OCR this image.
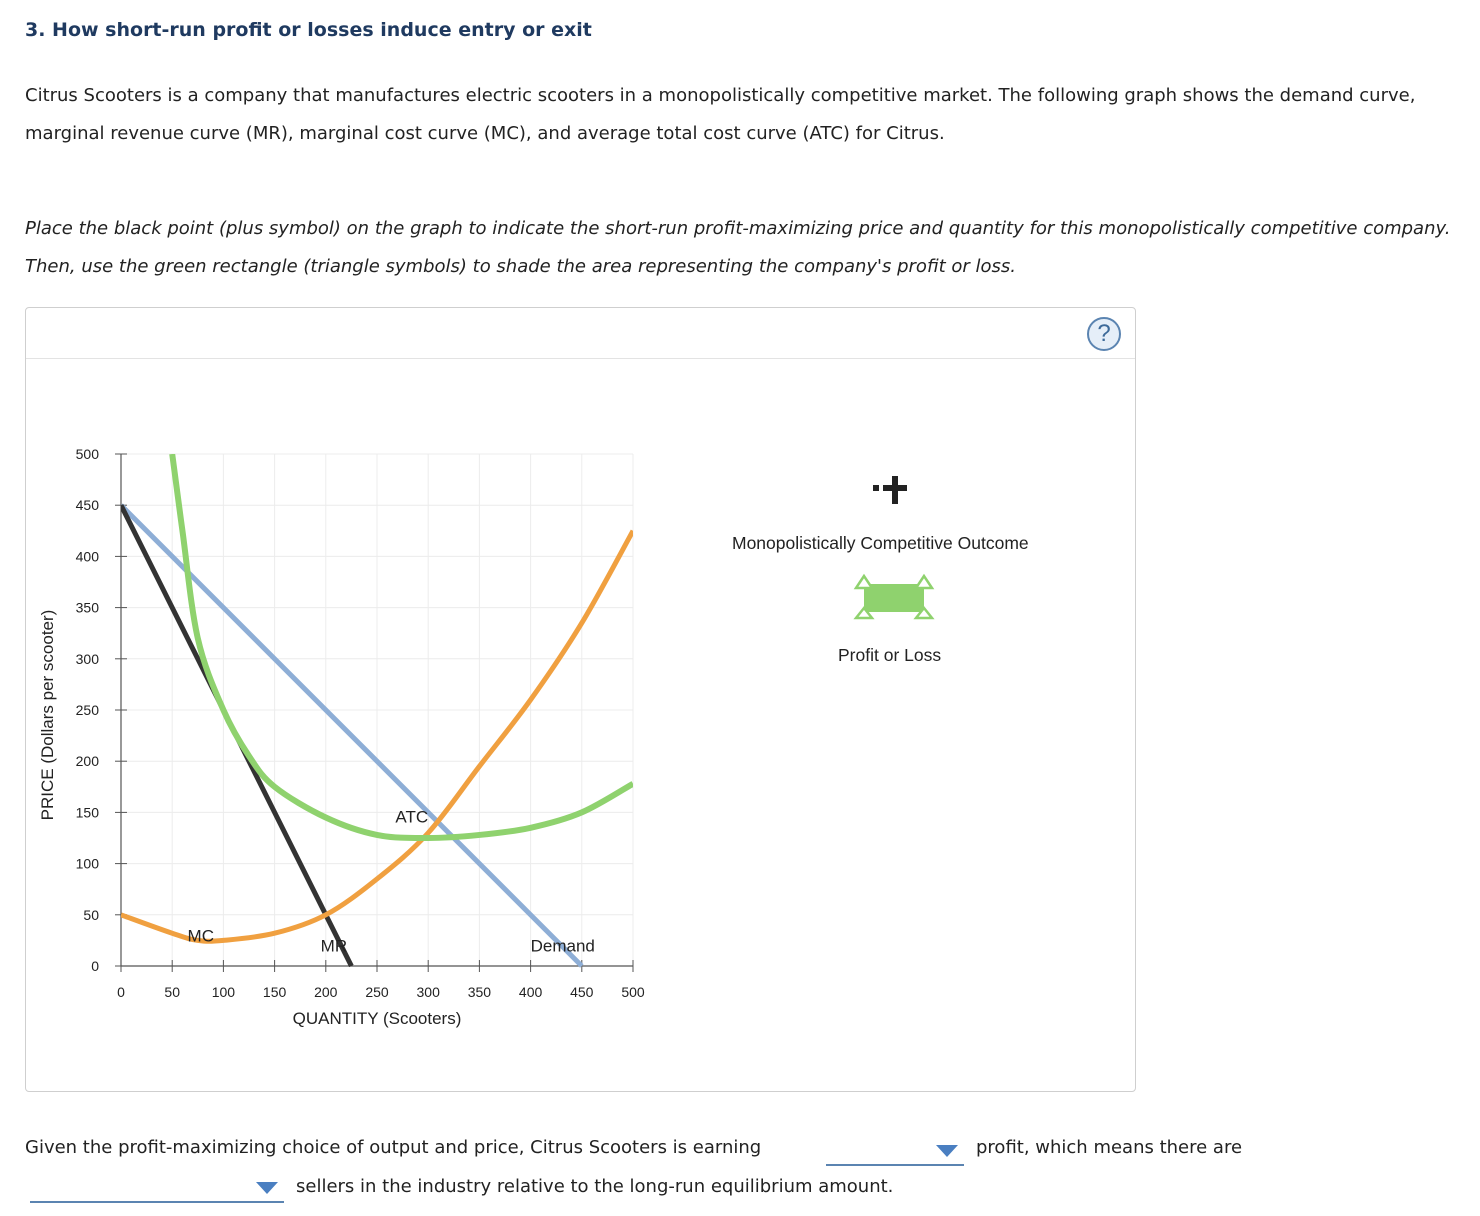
3. How short-run profit or losses induce entry or exit

Citrus Scooters is a company that manufactures electric scooters in a monopolistically competitive market. The following graph shows the demand curve, marginal revenue curve (MR), marginal cost curve (MC), and average total cost curve (ATC) for Citrus.

Place the black point (plus symbol) on the graph to indicate the short-run profit-maximizing price and quantity for this monopolistically competitive company. Then, use the green rectangle (triangle symbols) to shade the area representing the company's profit or loss.

?
0
50
100
150
200
250
300
350
400
450
500
0	50 100 150 200 250 300 350 400 450 500
QUANTITY (Scooters)
PRICE (Dollars per scooter)
Demand
MR
MC
ATC
Monopolistically Competitive Outcome
Profit or Loss

Given the profit-maximizing choice of output and price, Citrus Scooters is earning	profit, which means there are

sellers in the industry relative to the long-run equilibrium amount.
